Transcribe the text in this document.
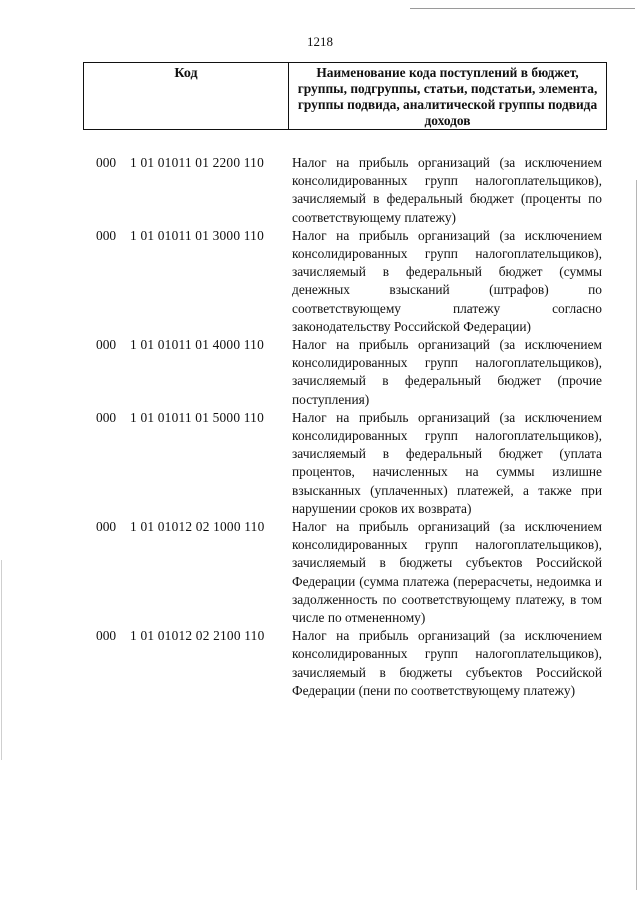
1218
Код	Наименование кода поступлений в бюджет, группы, подгруппы, статьи, подстатьи, элемента, группы подвида, аналитической группы подвида доходов
000	1 01 01011 01 2200 110	Налог на прибыль организаций (за исключением консолидированных групп налогоплательщиков), зачисляемый в федеральный бюджет (проценты по соответствующему платежу)
000	1 01 01011 01 3000 110	Налог на прибыль организаций (за исключением консолидированных групп налогоплательщиков), зачисляемый в федеральный бюджет (суммы денежных взысканий (штрафов) по соответствующему платежу согласно законодательству Российской Федерации)
000	1 01 01011 01 4000 110	Налог на прибыль организаций (за исключением консолидированных групп налогоплательщиков), зачисляемый в федеральный бюджет (прочие поступления)
000	1 01 01011 01 5000 110	Налог на прибыль организаций (за исключением консолидированных групп налогоплательщиков), зачисляемый в федеральный бюджет (уплата процентов, начисленных на суммы излишне взысканных (уплаченных) платежей, а также при нарушении сроков их возврата)
000	1 01 01012 02 1000 110	Налог на прибыль организаций (за исключением консолидированных групп налогоплательщиков), зачисляемый в бюджеты субъектов Российской Федерации (сумма платежа (перерасчеты, недоимка и задолженность по соответствующему платежу, в том числе по отмененному)
000	1 01 01012 02 2100 110	Налог на прибыль организаций (за исключением консолидированных групп налогоплательщиков), зачисляемый в бюджеты субъектов Российской Федерации (пени по соответствующему платежу)
